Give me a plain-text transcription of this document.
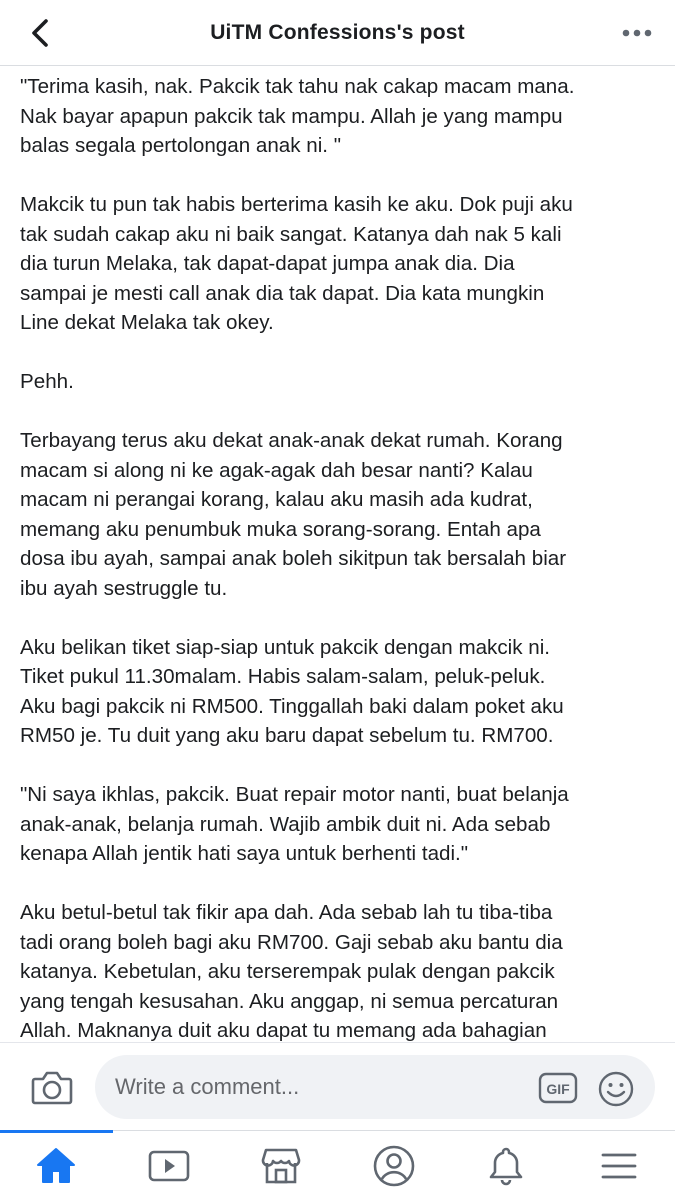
UiTM Confessions's post

"Terima kasih, nak. Pakcik tak tahu nak cakap macam mana.
Nak bayar apapun pakcik tak mampu. Allah je yang mampu
balas segala pertolongan anak ni. "

Makcik tu pun tak habis berterima kasih ke aku. Dok puji aku
tak sudah cakap aku ni baik sangat. Katanya dah nak 5 kali
dia turun Melaka, tak dapat-dapat jumpa anak dia. Dia
sampai je mesti call anak dia tak dapat. Dia kata mungkin
Line dekat Melaka tak okey.

Pehh.

Terbayang terus aku dekat anak-anak dekat rumah. Korang
macam si along ni ke agak-agak dah besar nanti? Kalau
macam ni perangai korang, kalau aku masih ada kudrat,
memang aku penumbuk muka sorang-sorang. Entah apa
dosa ibu ayah, sampai anak boleh sikitpun tak bersalah biar
ibu ayah sestruggle tu.

Aku belikan tiket siap-siap untuk pakcik dengan makcik ni.
Tiket pukul 11.30malam. Habis salam-salam, peluk-peluk.
Aku bagi pakcik ni RM500. Tinggallah baki dalam poket aku
RM50 je. Tu duit yang aku baru dapat sebelum tu. RM700.

"Ni saya ikhlas, pakcik. Buat repair motor nanti, buat belanja
anak-anak, belanja rumah. Wajib ambik duit ni. Ada sebab
kenapa Allah jentik hati saya untuk berhenti tadi."

Aku betul-betul tak fikir apa dah. Ada sebab lah tu tiba-tiba
tadi orang boleh bagi aku RM700. Gaji sebab aku bantu dia
katanya. Kebetulan, aku terserempak pulak dengan pakcik
yang tengah kesusahan. Aku anggap, ni semua percaturan
Allah. Maknanya duit aku dapat tu memang ada bahagian

Write a comment...
GIF
